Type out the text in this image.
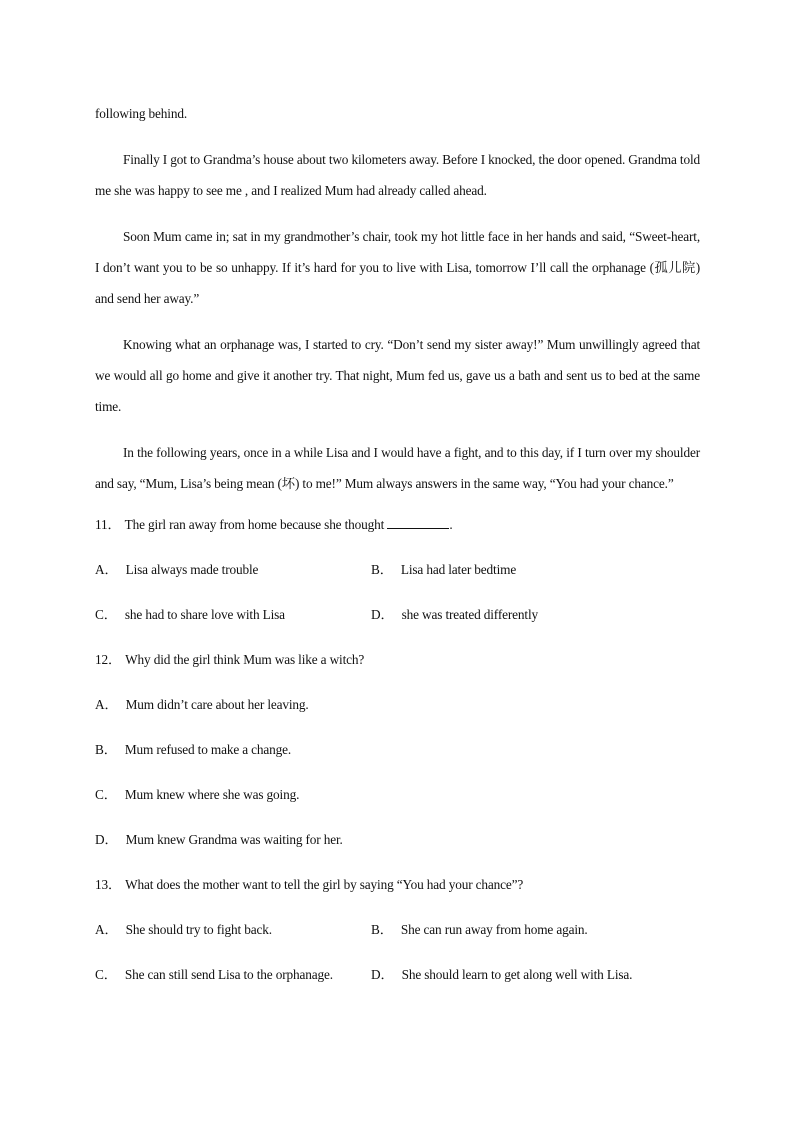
following behind.

Finally I got to Grandma’s house about two kilometers away. Before I knocked, the door opened. Grandma told me she was happy to see me , and I realized Mum had already called ahead.

Soon Mum came in; sat in my grandmother’s chair, took my hot little face in her hands and said, “Sweet-heart, I don’t want you to be so unhappy. If it’s hard for you to live with Lisa, tomorrow I’ll call the orphanage (孤儿院) and send her away.”

Knowing what an orphanage was, I started to cry. “Don’t send my sister away!” Mum unwillingly agreed that we would all go home and give it another try. That night, Mum fed us, gave us a bath and sent us to bed at the same time.

In the following years, once in a while Lisa and I would have a fight, and to this day, if I turn over my shoulder and say, “Mum, Lisa’s being mean (坏) to me!” Mum always answers in the same way, “You had your chance.”

11． The girl ran away from home because she thought	.
A． Lisa always made trouble	B． Lisa had later bedtime
C． she had to share love with Lisa	D． she was treated differently
12． Why did the girl think Mum was like a witch?
A． Mum didn’t care about her leaving.
B． Mum refused to make a change.
C． Mum knew where she was going.
D． Mum knew Grandma was waiting for her.
13． What does the mother want to tell the girl by saying “You had your chance”?
A． She should try to fight back.	B． She can run away from home again.
C． She can still send Lisa to the orphanage.	D． She should learn to get along well with Lisa.
